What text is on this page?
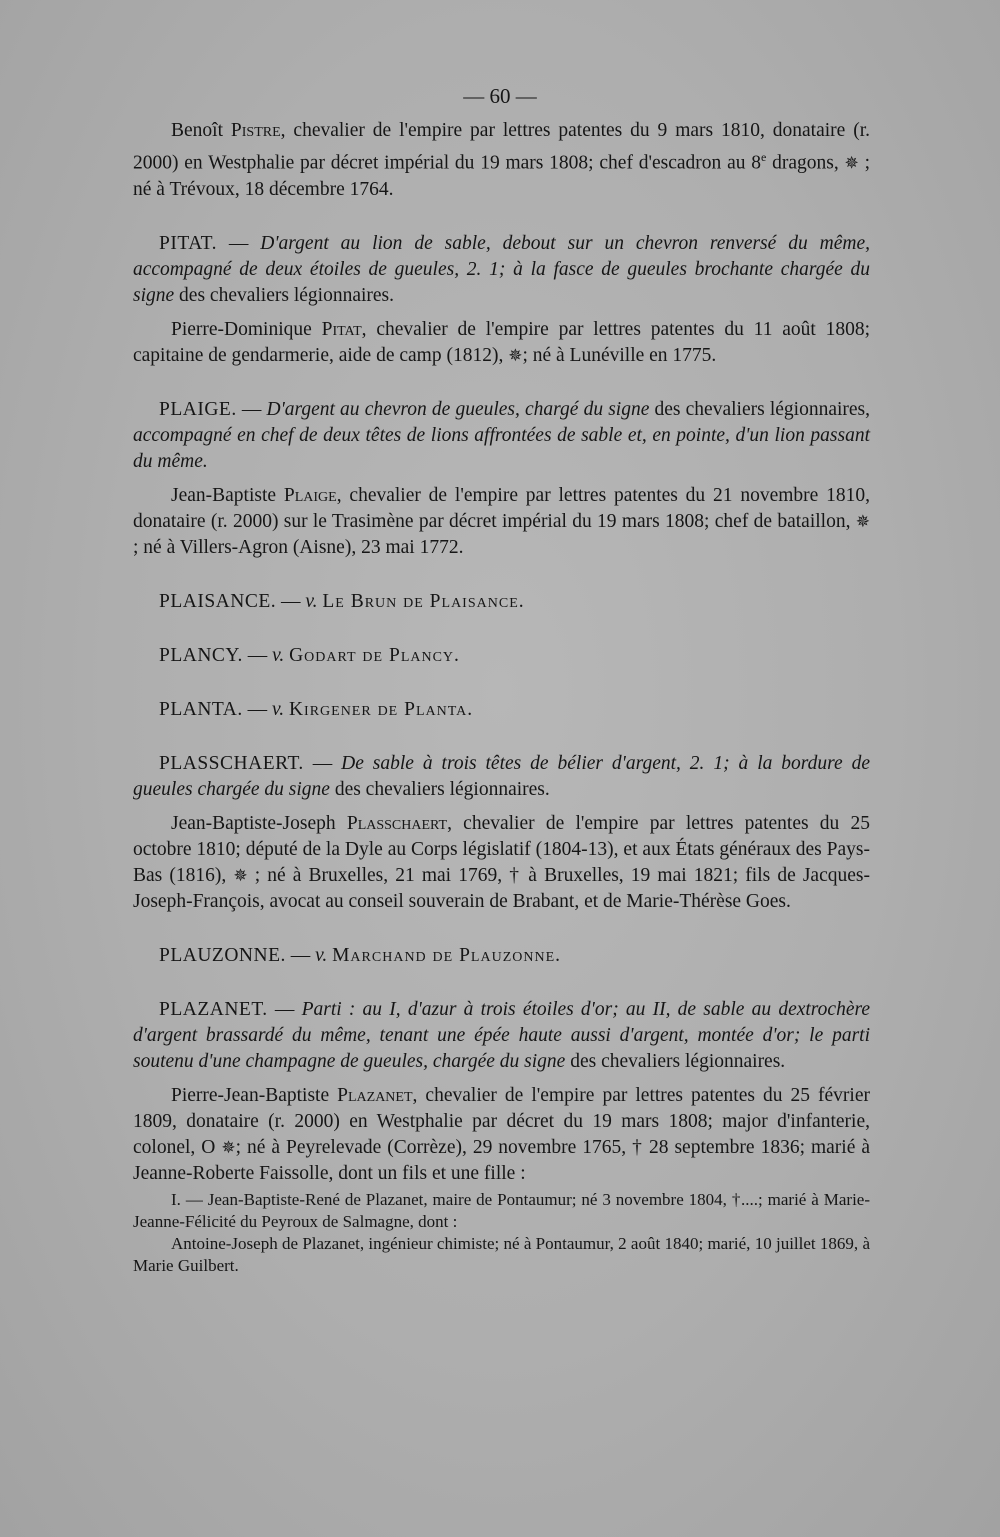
— 60 —

Benoît Pistre, chevalier de l'empire par lettres patentes du 9 mars 1810, donataire (r. 2000) en Westphalie par décret impérial du 19 mars 1808; chef d'escadron au 8e dragons, ✵ ; né à Trévoux, 18 décembre 1764.

PITAT. — D'argent au lion de sable, debout sur un chevron renversé du même, accompagné de deux étoiles de gueules, 2. 1; à la fasce de gueules brochante chargée du signe des chevaliers légionnaires.

Pierre-Dominique Pitat, chevalier de l'empire par lettres patentes du 11 août 1808; capitaine de gendarmerie, aide de camp (1812), ✵; né à Lunéville en 1775.

PLAIGE. — D'argent au chevron de gueules, chargé du signe des chevaliers légionnaires, accompagné en chef de deux têtes de lions affrontées de sable et, en pointe, d'un lion passant du même.

Jean-Baptiste Plaige, chevalier de l'empire par lettres patentes du 21 novembre 1810, donataire (r. 2000) sur le Trasimène par décret impérial du 19 mars 1808; chef de bataillon, ✵ ; né à Villers-Agron (Aisne), 23 mai 1772.

PLAISANCE. — v. Le Brun de Plaisance.

PLANCY. — v. Godart de Plancy.

PLANTA. — v. Kirgener de Planta.

PLASSCHAERT. — De sable à trois têtes de bélier d'argent, 2. 1; à la bordure de gueules chargée du signe des chevaliers légionnaires.

Jean-Baptiste-Joseph Plasschaert, chevalier de l'empire par lettres patentes du 25 octobre 1810; député de la Dyle au Corps législatif (1804-13), et aux États généraux des Pays-Bas (1816), ✵ ; né à Bruxelles, 21 mai 1769, † à Bruxelles, 19 mai 1821; fils de Jacques-Joseph-François, avocat au conseil souverain de Brabant, et de Marie-Thérèse Goes.

PLAUZONNE. — v. Marchand de Plauzonne.

PLAZANET. — Parti : au I, d'azur à trois étoiles d'or; au II, de sable au dextrochère d'argent brassardé du même, tenant une épée haute aussi d'argent, montée d'or; le parti soutenu d'une champagne de gueules, chargée du signe des chevaliers légionnaires.

Pierre-Jean-Baptiste Plazanet, chevalier de l'empire par lettres patentes du 25 février 1809, donataire (r. 2000) en Westphalie par décret du 19 mars 1808; major d'infanterie, colonel, O ✵; né à Peyrelevade (Corrèze), 29 novembre 1765, † 28 septembre 1836; marié à Jeanne-Roberte Faissolle, dont un fils et une fille :

I. — Jean-Baptiste-René de Plazanet, maire de Pontaumur; né 3 novembre 1804, †....; marié à Marie-Jeanne-Félicité du Peyroux de Salmagne, dont :

Antoine-Joseph de Plazanet, ingénieur chimiste; né à Pontaumur, 2 août 1840; marié, 10 juillet 1869, à Marie Guilbert.
